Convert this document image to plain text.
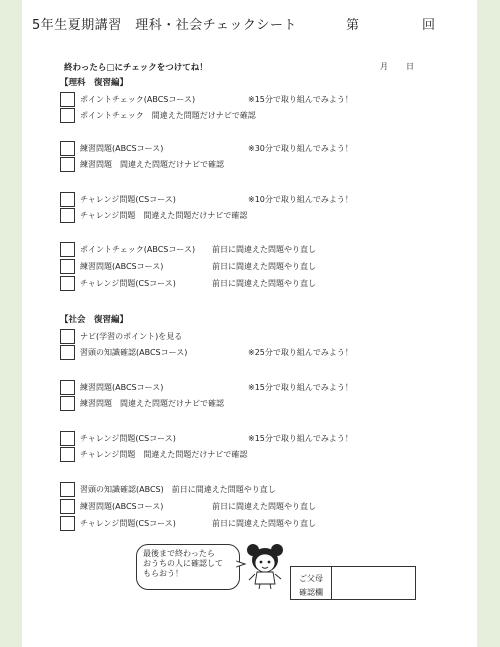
5年生夏期講習　理科・社会チェックシート	第	回
終わったら□にチェックをつけてね！	月 日
【理科　復習編】
ポイントチェック(ABCSコース)	※15分で取り組んでみよう！
ポイントチェック　間違えた問題だけナビで確認
練習問題(ABCSコース)	※30分で取り組んでみよう！
練習問題　間違えた問題だけナビで確認
チャレンジ問題(CSコース)	※10分で取り組んでみよう！
チャレンジ問題　間違えた問題だけナビで確認
ポイントチェック(ABCSコース) 前日に間違えた問題やり直し
練習問題(ABCSコース)	前日に間違えた問題やり直し
チャレンジ問題(CSコース)	前日に間違えた問題やり直し
【社会　復習編】
ナビ(学習のポイント)を見る
習頭の知識確認(ABCSコース)	※25分で取り組んでみよう！
練習問題(ABCSコース)	※15分で取り組んでみよう！
練習問題　間違えた問題だけナビで確認
チャレンジ問題(CSコース)	※15分で取り組んでみよう！
チャレンジ問題　間違えた問題だけナビで確認
習頭の知識確認(ABCS)　前日に間違えた問題やり直し
練習問題(ABCSコース)	前日に間違えた問題やり直し
チャレンジ問題(CSコース)	前日に間違えた問題やり直し
最後まで終わったら
おうちの人に確認して
もらおう！
ご父母
確認欄
